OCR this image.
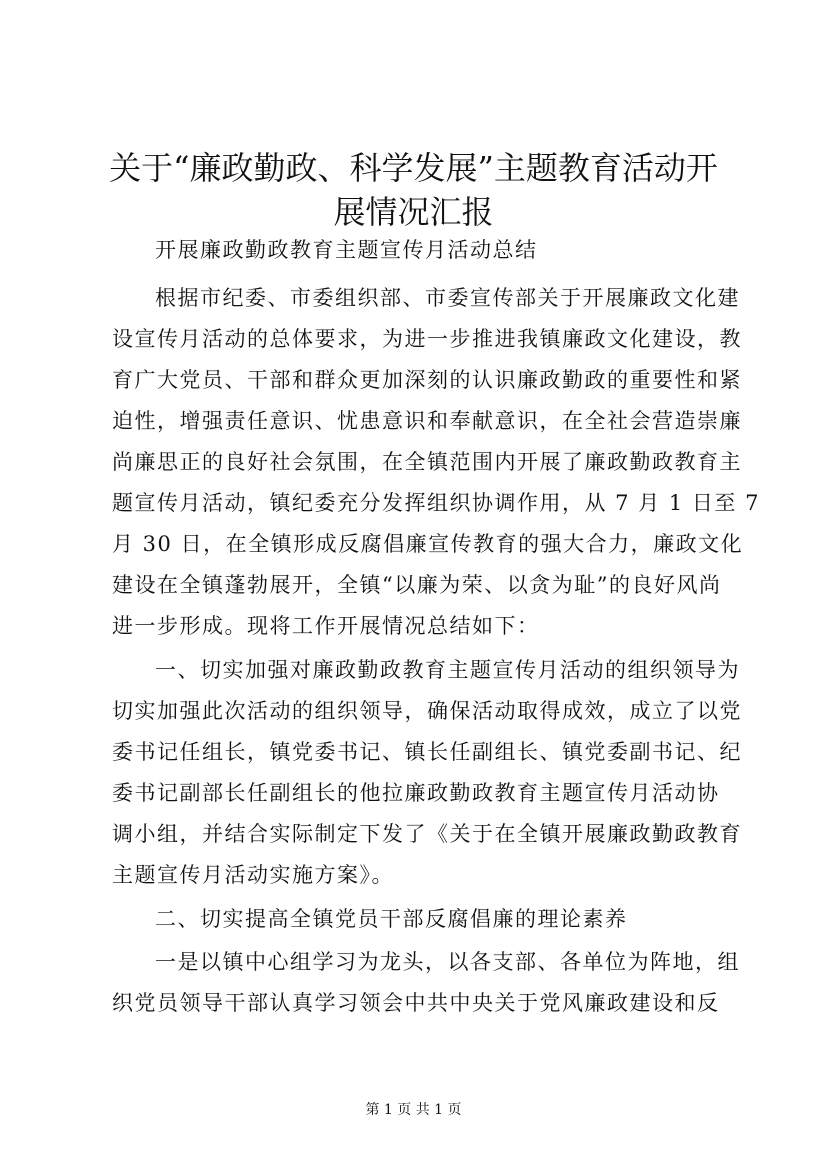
关于“廉政勤政、科学发展”主题教育活动开
展情况汇报

开展廉政勤政教育主题宣传月活动总结

根据市纪委、市委组织部、市委宣传部关于开展廉政文化建

设宣传月活动的总体要求，为进一步推进我镇廉政文化建设，教

育广大党员、干部和群众更加深刻的认识廉政勤政的重要性和紧

迫性，增强责任意识、忧患意识和奉献意识，在全社会营造崇廉

尚廉思正的良好社会氛围，在全镇范围内开展了廉政勤政教育主

题宣传月活动，镇纪委充分发挥组织协调作用，从 7 月 1 日至 7

月 30 日，在全镇形成反腐倡廉宣传教育的强大合力，廉政文化

建设在全镇蓬勃展开，全镇“以廉为荣、以贪为耻”的良好风尚

进一步形成。现将工作开展情况总结如下：

一、切实加强对廉政勤政教育主题宣传月活动的组织领导为

切实加强此次活动的组织领导，确保活动取得成效，成立了以党

委书记任组长，镇党委书记、镇长任副组长、镇党委副书记、纪

委书记副部长任副组长的他拉廉政勤政教育主题宣传月活动协

调小组，并结合实际制定下发了《关于在全镇开展廉政勤政教育

主题宣传月活动实施方案》。

二、切实提高全镇党员干部反腐倡廉的理论素养

一是以镇中心组学习为龙头，以各支部、各单位为阵地，组

织党员领导干部认真学习领会中共中央关于党风廉政建设和反

第 1 页 共 1 页
